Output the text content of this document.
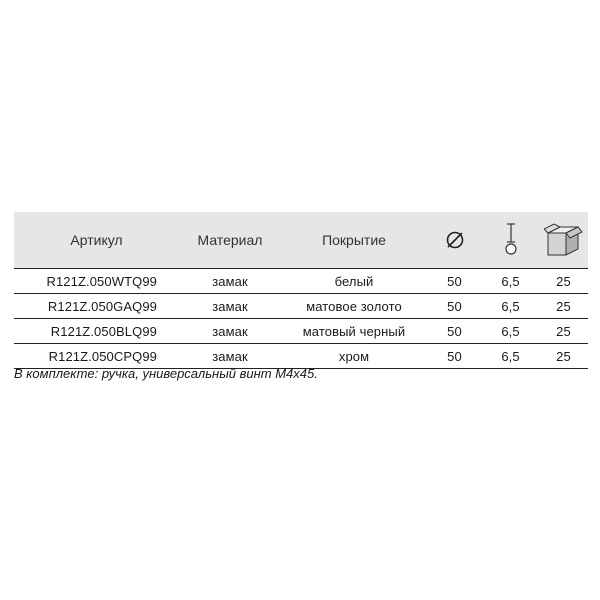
Артикул	Материал	Покрытие	

R121Z.050WTQ99	замак	белый	50	6,5	25
R121Z.050GAQ99	замак	матовое золото	50	6,5	25
R121Z.050BLQ99	замак	матовый черный	50	6,5	25
R121Z.050CPQ99	замак	хром	50	6,5	25
В комплекте: ручка, универсальный винт М4х45.
